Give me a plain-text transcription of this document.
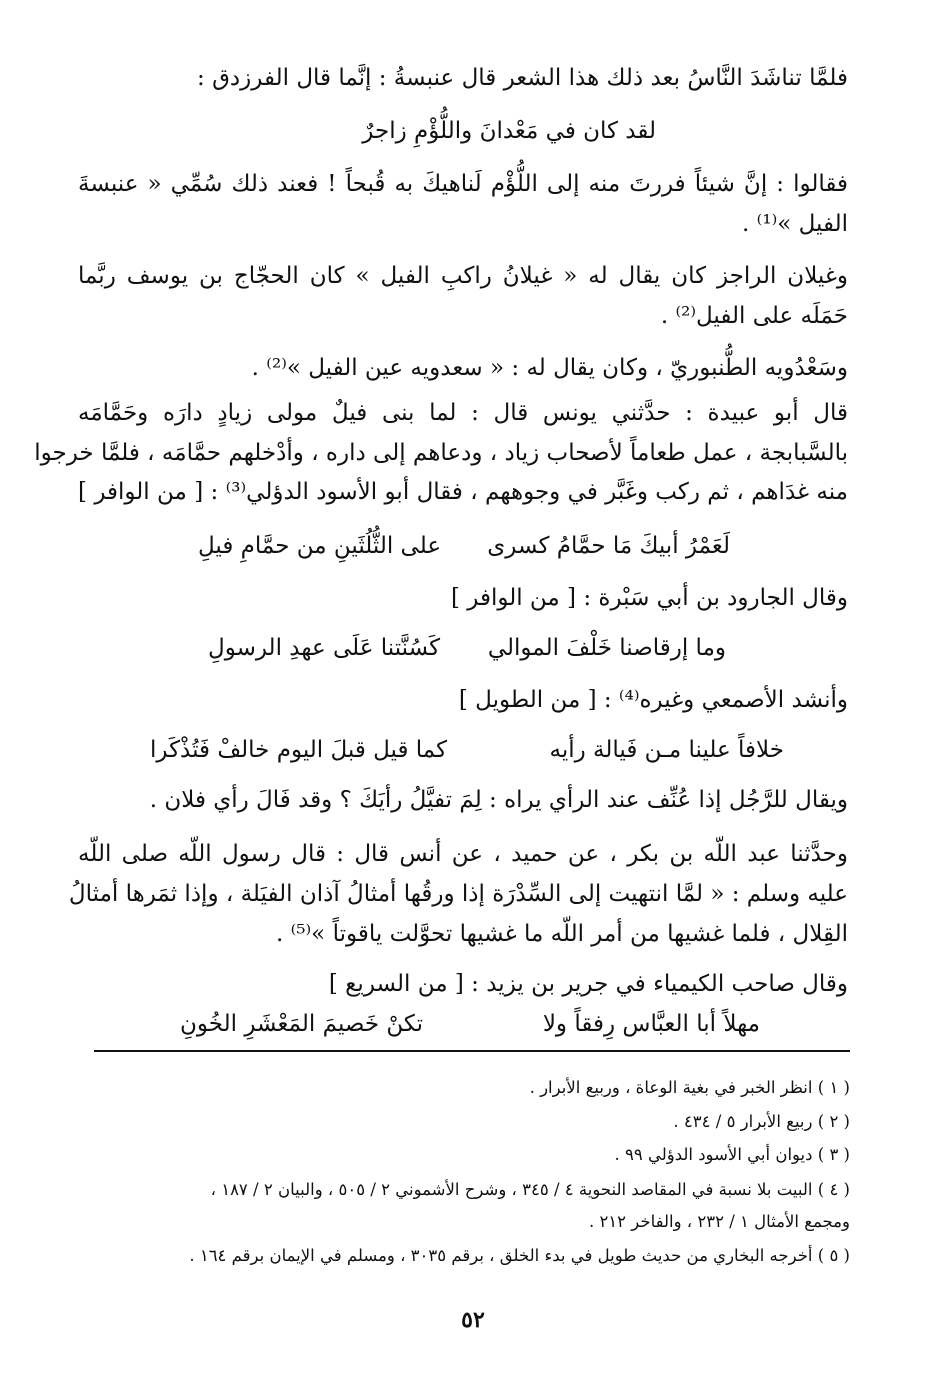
فلمَّا تناشَدَ النَّاسُ بعد ذلك هذا الشعر قال عنبسةُ : إنَّما قال الفرزدق :
لقد كان في مَعْدانَ واللُّؤْمِ زاجرٌ
فقالوا : إنَّ شيئاً فررتَ منه إلى اللُّؤْم لَناهيكَ به قُبحاً ! فعند ذلك سُمِّي « عنبسةَ
الفيل »⁽¹⁾ .
وغيلان الراجز كان يقال له « غيلانُ راكبِ الفيل » كان الحجّاج بن يوسف ربَّما
حَمَلَه على الفيل⁽²⁾ .
وسَعْدُويه الطُّنبوريّ ، وكان يقال له : « سعدويه عين الفيل »⁽²⁾ .
قال أبو عبيدة : حدَّثني يونس قال : لما بنى فيلٌ مولى زيادٍ دارَه وحَمَّامَه
بالسَّبابجة ، عمل طعاماً لأصحاب زياد ، ودعاهم إلى داره ، وأدْخلهم حمَّامَه ، فلمَّا خرجوا
منه غدَاهم ، ثم ركب وغَبَّر في وجوههم ، فقال أبو الأسود الدؤلي⁽³⁾ : [ من الوافر ]
لَعَمْرُ أبيكَ مَا حمَّامُ كسرى
على الثُّلُثَينِ من حمَّامِ فيلِ
وقال الجارود بن أبي سَبْرة : [ من الوافر ]
وما إرقاصنا خَلْفَ الموالي
كَسُنَّتنا عَلَى عهدِ الرسولِ
وأنشد الأصمعي وغيره⁽⁴⁾ : [ من الطويل ]
خلافاً علينا مـن فَيالة رأيه
كما قيل قبلَ اليوم خالفْ فَتُذْكَرا
ويقال للرَّجُل إذا عُنِّف عند الرأي يراه : لِمَ تفيَّلُ رأيَكَ ؟ وقد فَالَ رأي فلان .
وحدَّثنا عبد اللّه بن بكر ، عن حميد ، عن أنس قال : قال رسول اللّه صلى اللّه
عليه وسلم : « لمَّا انتهيت إلى السِّدْرَة إذا ورقُها أمثالُ آذان الفيَلة ، وإذا ثمَرها أمثالُ
القِلال ، فلما غشيها من أمر اللّه ما غشيها تحوَّلت ياقوتاً »⁽⁵⁾ .
وقال صاحب الكيمياء في جرير بن يزيد : [ من السريع ]
مهلاً أبا العبَّاس رِفقاً ولا
تكنْ خَصيمَ المَعْشَرِ الخُونِ
( ١ ) انظر الخبر في بغية الوعاة ، وربيع الأبرار .
( ٢ ) ربيع الأبرار ٥ / ٤٣٤ .
( ٣ ) ديوان أبي الأسود الدؤلي ٩٩ .
( ٤ ) البيت بلا نسبة في المقاصد النحوية ٤ / ٣٤٥ ، وشرح الأشموني ٢ / ٥٠٥ ، والبيان ٢ / ١٨٧ ،
ومجمع الأمثال ١ / ٢٣٢ ، والفاخر ٢١٢ .
( ٥ ) أخرجه البخاري من حديث طويل في بدء الخلق ، برقم ٣٠٣٥ ، ومسلم في الإيمان برقم ١٦٤ .
٥٢
